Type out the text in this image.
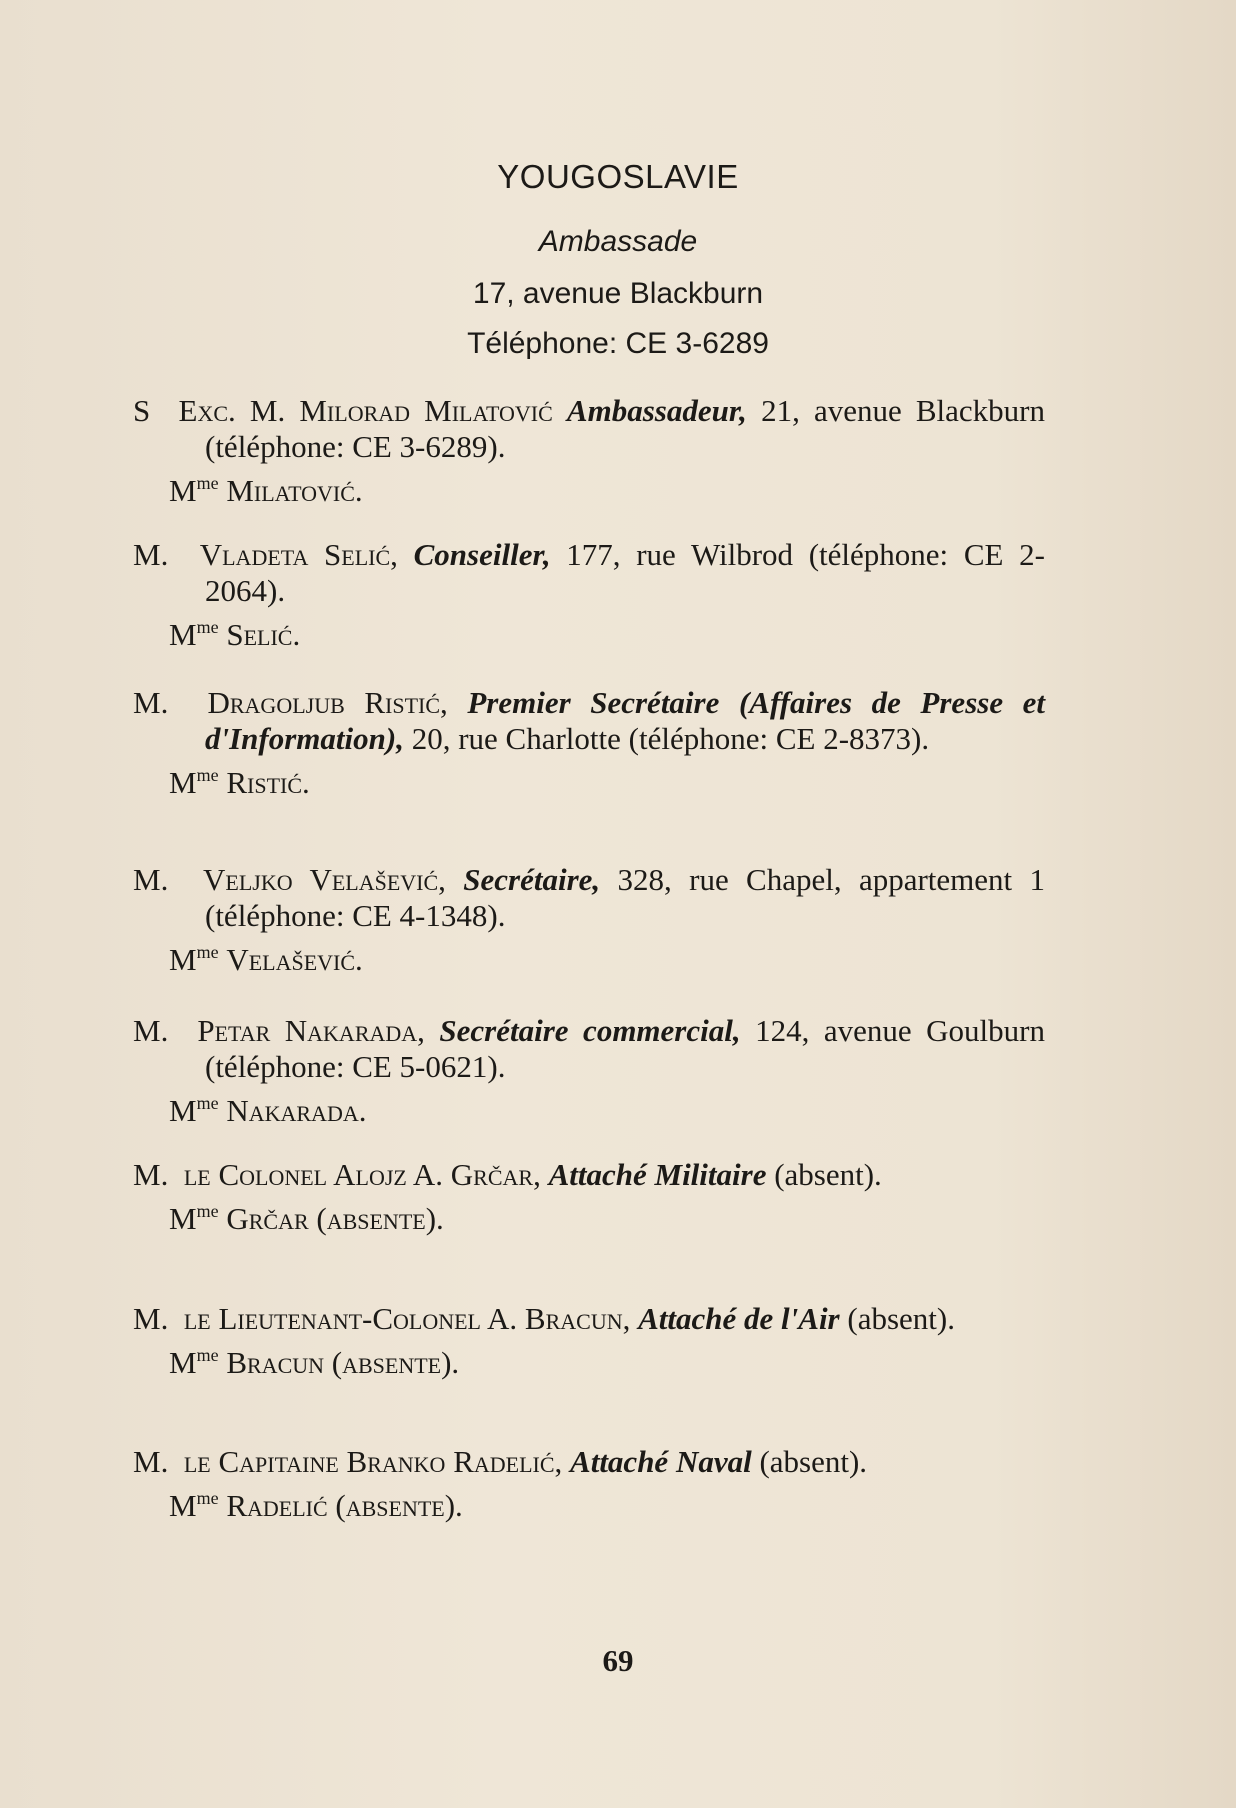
YOUGOSLAVIE
Ambassade
17, avenue Blackburn
Téléphone: CE 3-6289
S Exc. M. Milorad Milatović Ambassadeur, 21, avenue Blackburn (téléphone: CE 3-6289).
$M^{me}$ Milatović.
M. Vladeta Selić, Conseiller, 177, rue Wilbrod (téléphone: CE 2-2064).
$M^{me}$ Selić.
M. Dragoljub Ristić, Premier Secrétaire (Affaires de Presse et d'Information), 20, rue Charlotte (téléphone: CE 2-8373).
$M^{me}$ Ristić.
M. Veljko Velašević, Secrétaire, 328, rue Chapel, appartement 1 (téléphone: CE 4-1348).
$M^{me}$ Velašević.
M. Petar Nakarada, Secrétaire commercial, 124, avenue Goulburn (téléphone: CE 5-0621).
$M^{me}$ Nakarada.
M. le Colonel Alojz A. Grčar, Attaché Militaire (absent).
$M^{me}$ Grčar (absente).
M. le Lieutenant-Colonel A. Bracun, Attaché de l'Air (absent).
$M^{me}$ Bracun (absente).
M. le Capitaine Branko Radelić, Attaché Naval (absent).
$M^{me}$ Radelić (absente).
69
